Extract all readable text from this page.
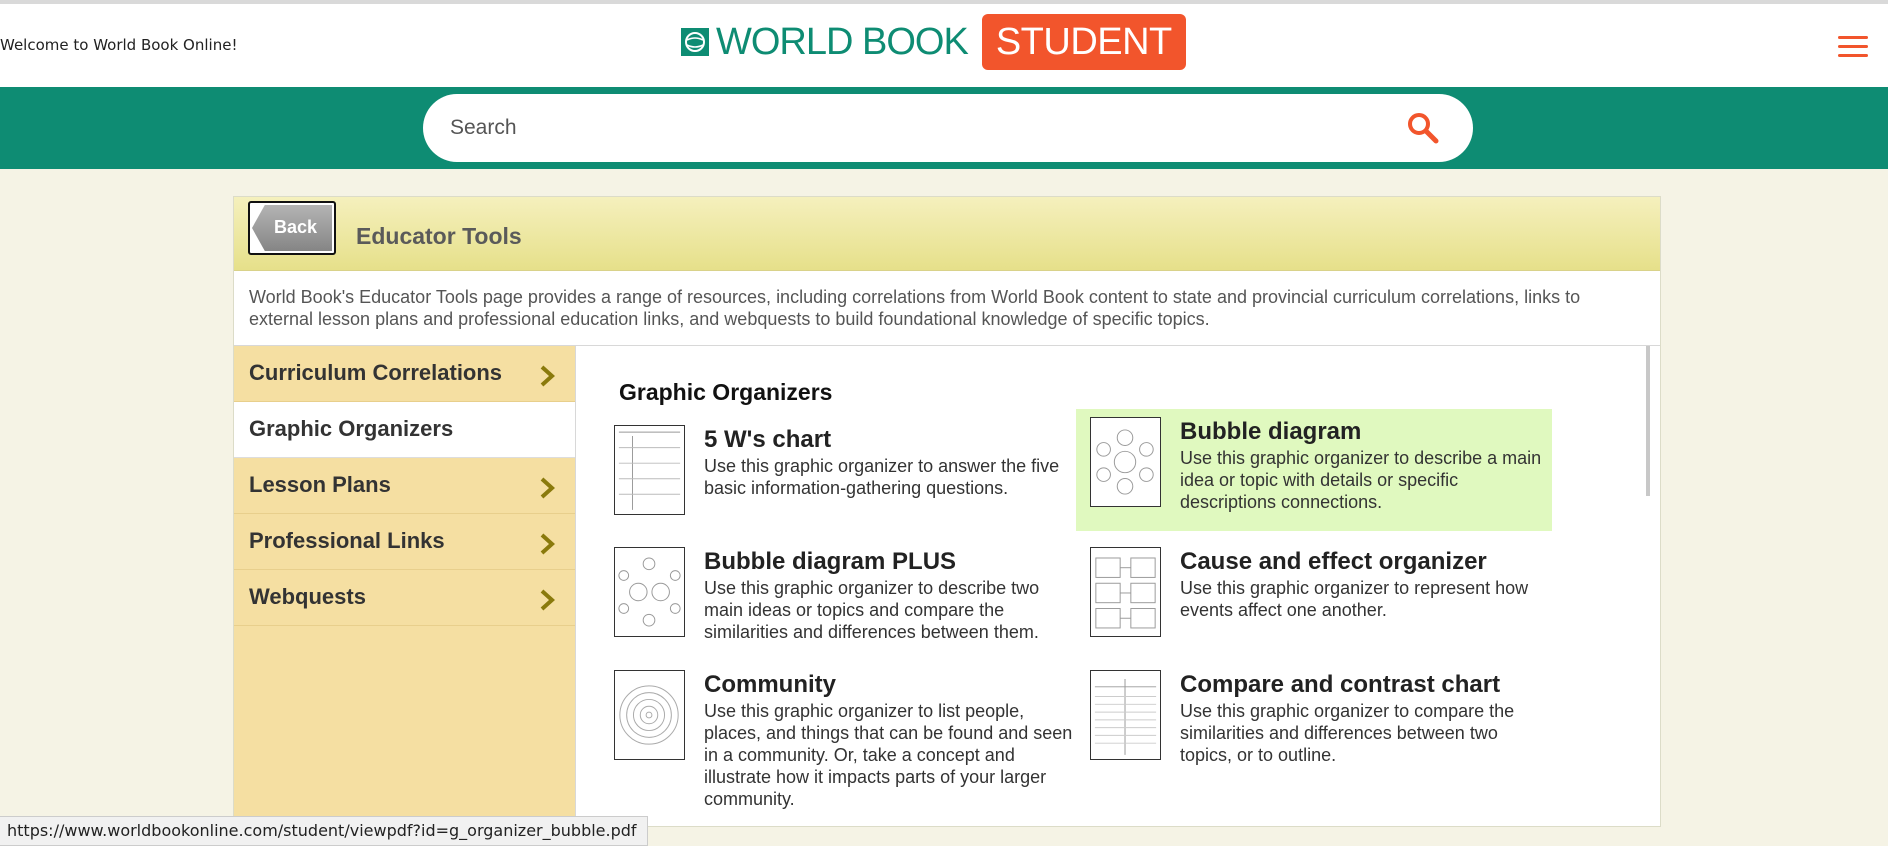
Welcome to World Book Online!	WORLD BOOK STUDENT
Search
Back Educator Tools
World Book's Educator Tools page provides a range of resources, including correlations from World Book content to state and provincial curriculum correlations, links to external lesson plans and professional education links, and webquests to build foundational knowledge of specific topics.
Curriculum Correlations
Graphic Organizers
Lesson Plans
Professional Links
Webquests
Graphic Organizers
5 W's chart
Use this graphic organizer to answer the five basic information-gathering questions.
Bubble diagram
Use this graphic organizer to describe a main idea or topic with details or specific descriptions connections.
Bubble diagram PLUS
Use this graphic organizer to describe two main ideas or topics and compare the similarities and differences between them.
Cause and effect organizer
Use this graphic organizer to represent how events affect one another.
Community
Use this graphic organizer to list people, places, and things that can be found and seen in a community. Or, take a concept and illustrate how it impacts parts of your larger community.
Compare and contrast chart
Use this graphic organizer to compare the similarities and differences between two topics, or to outline.
https://www.worldbookonline.com/student/viewpdf?id=g_organizer_bubble.pdf
